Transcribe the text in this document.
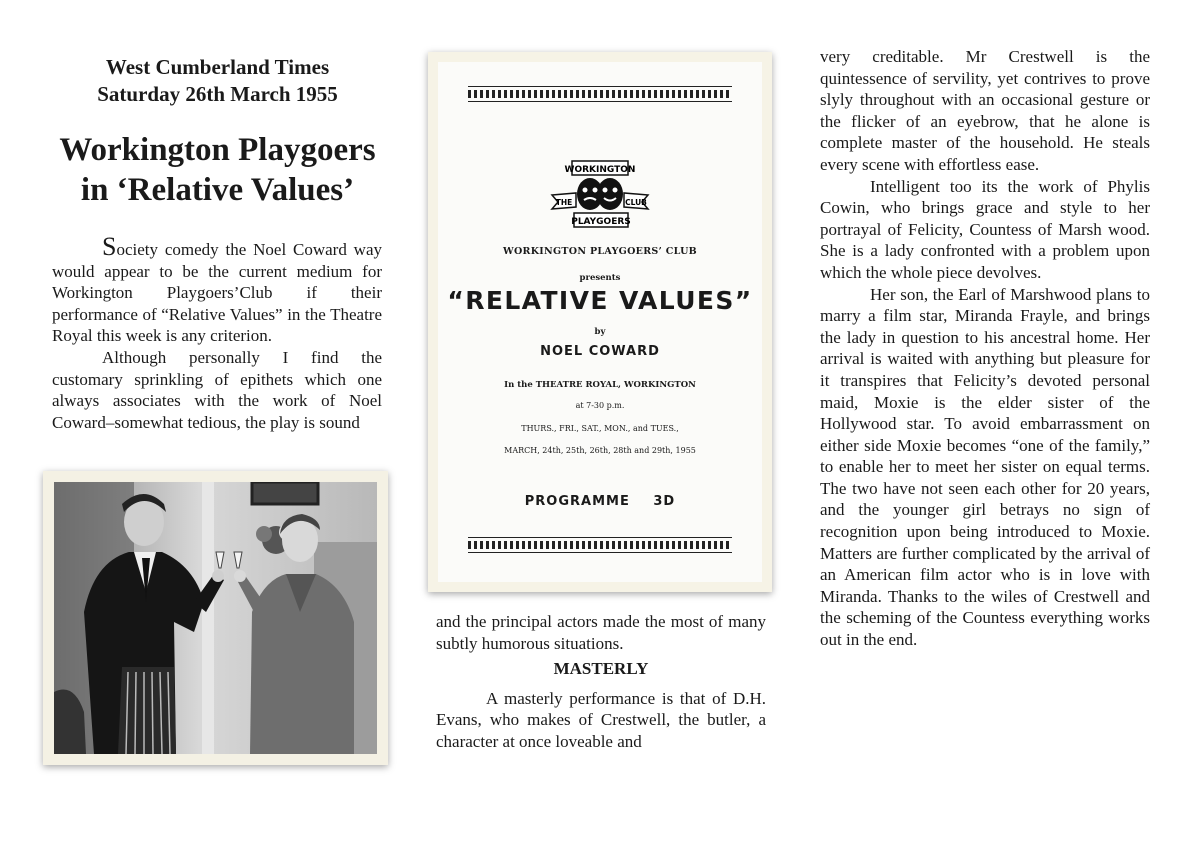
West Cumberland Times
Saturday 26th March 1955
Workington Playgoers
in ‘Relative Values’

Society comedy the Noel Coward way would appear to be the current medium for Workington Playgoers’Club if their performance of “Relative Values” in the Theatre Royal this week is any criterion.

Although personally I find the customary sprinkling of epithets which one always associates with the work of Noel Coward–somewhat tedious, the play is sound

WORKINGTON
THE	CLUB
PLAYGOERS
WORKINGTON PLAYGOERS’ CLUB
presents
“RELATIVE VALUES”
by
NOEL COWARD
In the THEATRE ROYAL, WORKINGTON
at 7-30 p.m.
THURS., FRI., SAT., MON., and TUES.,
MARCH, 24th, 25th, 26th, 28th and 29th, 1955
PROGRAMME 3D

and the principal actors made the most of many subtly humorous situations.

MASTERLY

A masterly performance is that of D.H. Evans, who makes of Crestwell, the butler, a character at once loveable and

very creditable. Mr Crestwell is the quintessence of servility, yet contrives to prove slyly throughout with an occasional gesture or the flicker of an eyebrow, that he alone is complete master of the household. He steals every scene with effortless ease.

Intelligent too its the work of Phylis Cowin, who brings grace and style to her portrayal of Felicity, Countess of Marsh wood. She is a lady confronted with a problem upon which the whole piece devolves.

Her son, the Earl of Marshwood plans to marry a film star, Miranda Frayle, and brings the lady in question to his ancestral home. Her arrival is waited with anything but pleasure for it transpires that Felicity’s devoted personal maid, Moxie is the elder sister of the Hollywood star. To avoid embarrassment on either side Moxie becomes “one of the family,” to enable her to meet her sister on equal terms. The two have not seen each other for 20 years, and the younger girl betrays no sign of recognition upon being introduced to Moxie. Matters are further complicated by the arrival of an American film actor who is in love with Miranda. Thanks to the wiles of Crestwell and the scheming of the Countess everything works out in the end.
